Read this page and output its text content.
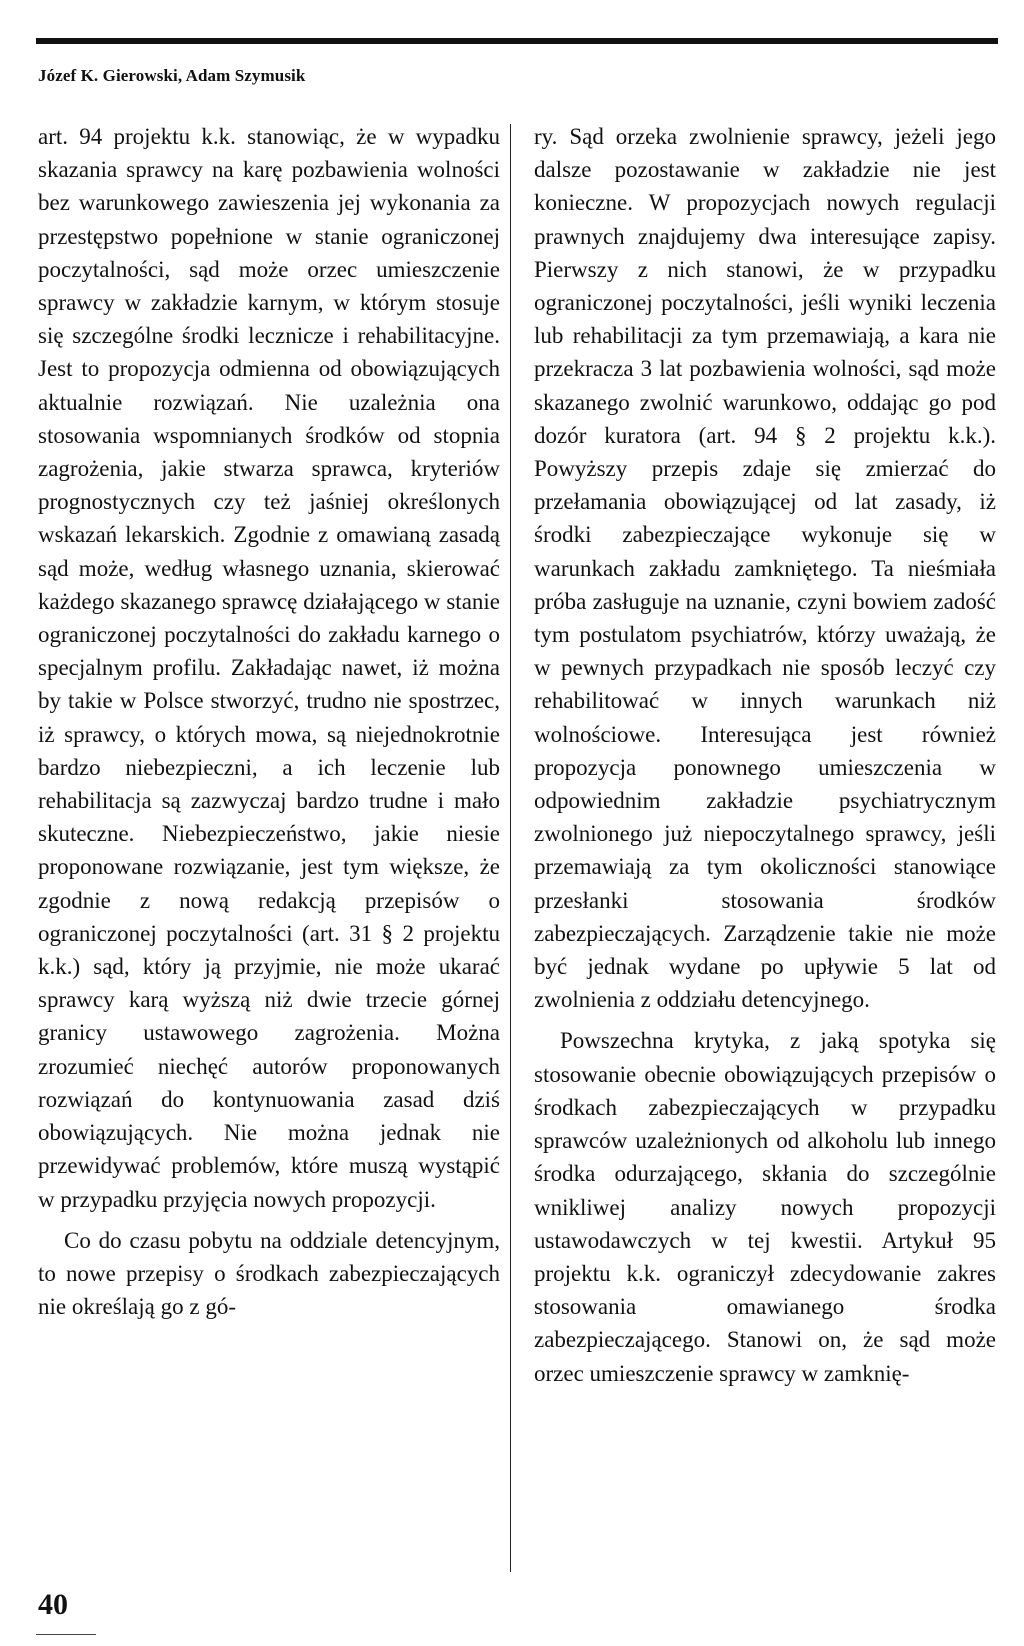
Józef K. Gierowski, Adam Szymusik

art. 94 projektu k.k. stanowiąc, że w wypadku skazania sprawcy na karę pozbawienia wolności bez warunkowego zawieszenia jej wykonania za przestępstwo popełnione w stanie ograniczonej poczytalności, sąd może orzec umieszczenie sprawcy w zakładzie karnym, w którym stosuje się szczególne środki lecznicze i rehabilitacyjne. Jest to propozycja odmienna od obowiązujących aktualnie rozwiązań. Nie uzależnia ona stosowania wspomnianych środków od stopnia zagrożenia, jakie stwarza sprawca, kryteriów prognostycznych czy też jaśniej określonych wskazań lekarskich. Zgodnie z omawianą zasadą sąd może, według własnego uznania, skierować każdego skazanego sprawcę działającego w stanie ograniczonej poczytalności do zakładu karnego o specjalnym profilu. Zakładając nawet, iż można by takie w Polsce stworzyć, trudno nie spostrzec, iż sprawcy, o których mowa, są niejednokrotnie bardzo niebezpieczni, a ich leczenie lub rehabilitacja są zazwyczaj bardzo trudne i mało skuteczne. Niebezpieczeństwo, jakie niesie proponowane rozwiązanie, jest tym większe, że zgodnie z nową redakcją przepisów o ograniczonej poczytalności (art. 31 § 2 projektu k.k.) sąd, który ją przyjmie, nie może ukarać sprawcy karą wyższą niż dwie trzecie górnej granicy ustawowego zagrożenia. Można zrozumieć niechęć autorów proponowanych rozwiązań do kontynuowania zasad dziś obowiązujących. Nie można jednak nie przewidywać problemów, które muszą wystąpić w przypadku przyjęcia nowych propozycji.

Co do czasu pobytu na oddziale detencyjnym, to nowe przepisy o środkach zabezpieczających nie określają go z gó-

ry. Sąd orzeka zwolnienie sprawcy, jeżeli jego dalsze pozostawanie w zakładzie nie jest konieczne. W propozycjach nowych regulacji prawnych znajdujemy dwa interesujące zapisy. Pierwszy z nich stanowi, że w przypadku ograniczonej poczytalności, jeśli wyniki leczenia lub rehabilitacji za tym przemawiają, a kara nie przekracza 3 lat pozbawienia wolności, sąd może skazanego zwolnić warunkowo, oddając go pod dozór kuratora (art. 94 § 2 projektu k.k.). Powyższy przepis zdaje się zmierzać do przełamania obowiązującej od lat zasady, iż środki zabezpieczające wykonuje się w warunkach zakładu zamkniętego. Ta nieśmiała próba zasługuje na uznanie, czyni bowiem zadość tym postulatom psychiatrów, którzy uważają, że w pewnych przypadkach nie sposób leczyć czy rehabilitować w innych warunkach niż wolnościowe. Interesująca jest również propozycja ponownego umieszczenia w odpowiednim zakładzie psychiatrycznym zwolnionego już niepoczytalnego sprawcy, jeśli przemawiają za tym okoliczności stanowiące przesłanki stosowania środków zabezpieczających. Zarządzenie takie nie może być jednak wydane po upływie 5 lat od zwolnienia z oddziału detencyjnego.

Powszechna krytyka, z jaką spotyka się stosowanie obecnie obowiązujących przepisów o środkach zabezpieczających w przypadku sprawców uzależnionych od alkoholu lub innego środka odurzającego, skłania do szczególnie wnikliwej analizy nowych propozycji ustawodawczych w tej kwestii. Artykuł 95 projektu k.k. ograniczył zdecydowanie zakres stosowania omawianego środka zabezpieczającego. Stanowi on, że sąd może orzec umieszczenie sprawcy w zamknię-

40
